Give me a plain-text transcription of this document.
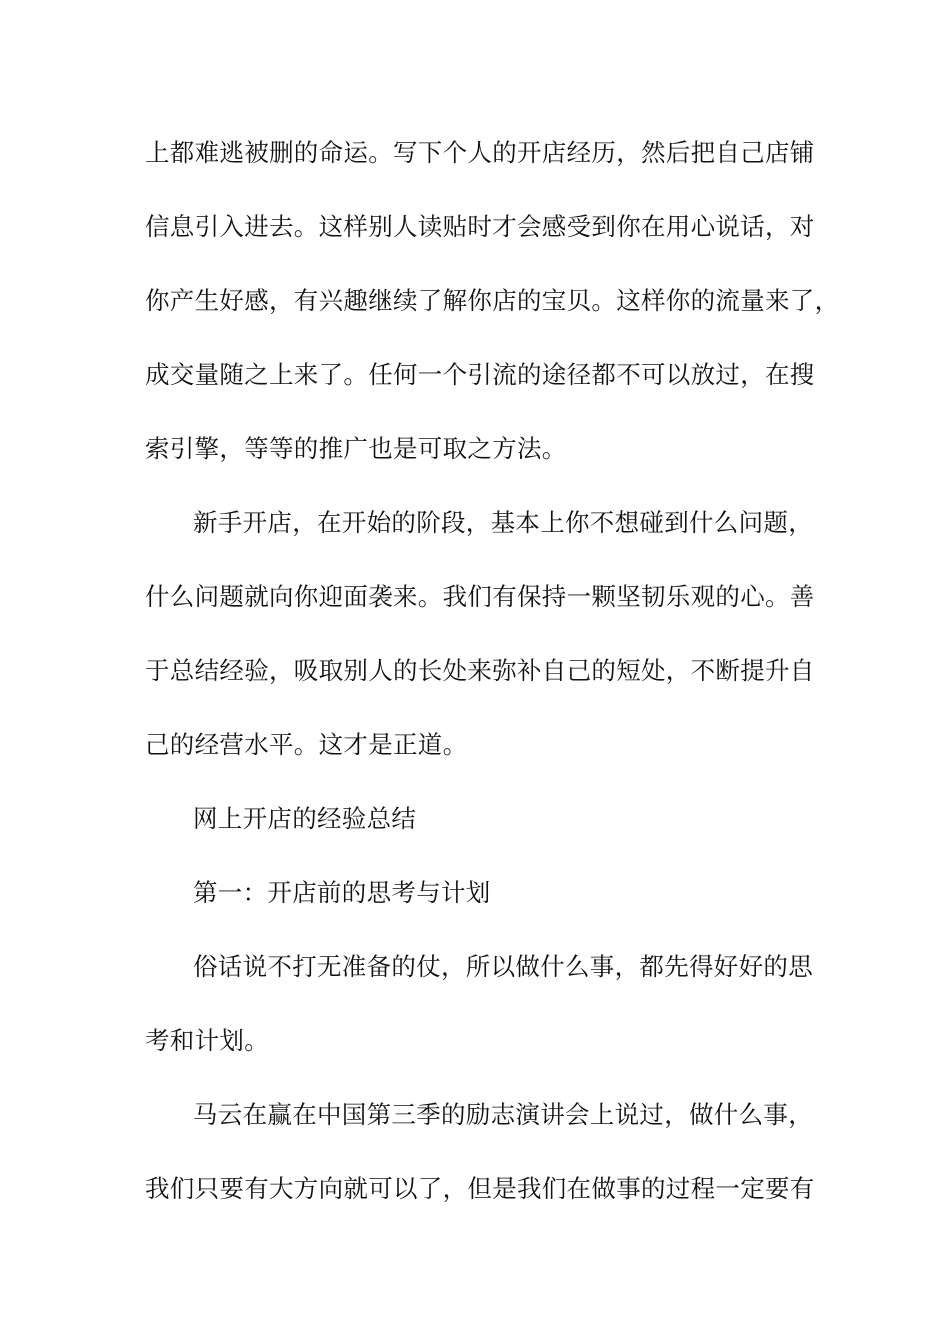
上都难逃被删的命运。写下个人的开店经历，然后把自己店铺
信息引入进去。这样别人读贴时才会感受到你在用心说话，对
你产生好感，有兴趣继续了解你店的宝贝。这样你的流量来了，
成交量随之上来了。任何一个引流的途径都不可以放过，在搜
索引擎，等等的推广也是可取之方法。
新手开店，在开始的阶段，基本上你不想碰到什么问题，
什么问题就向你迎面袭来。我们有保持一颗坚韧乐观的心。善
于总结经验，吸取别人的长处来弥补自己的短处，不断提升自
己的经营水平。这才是正道。
网上开店的经验总结
第一：开店前的思考与计划
俗话说不打无准备的仗，所以做什么事，都先得好好的思
考和计划。
马云在赢在中国第三季的励志演讲会上说过，做什么事，
我们只要有大方向就可以了，但是我们在做事的过程一定要有
